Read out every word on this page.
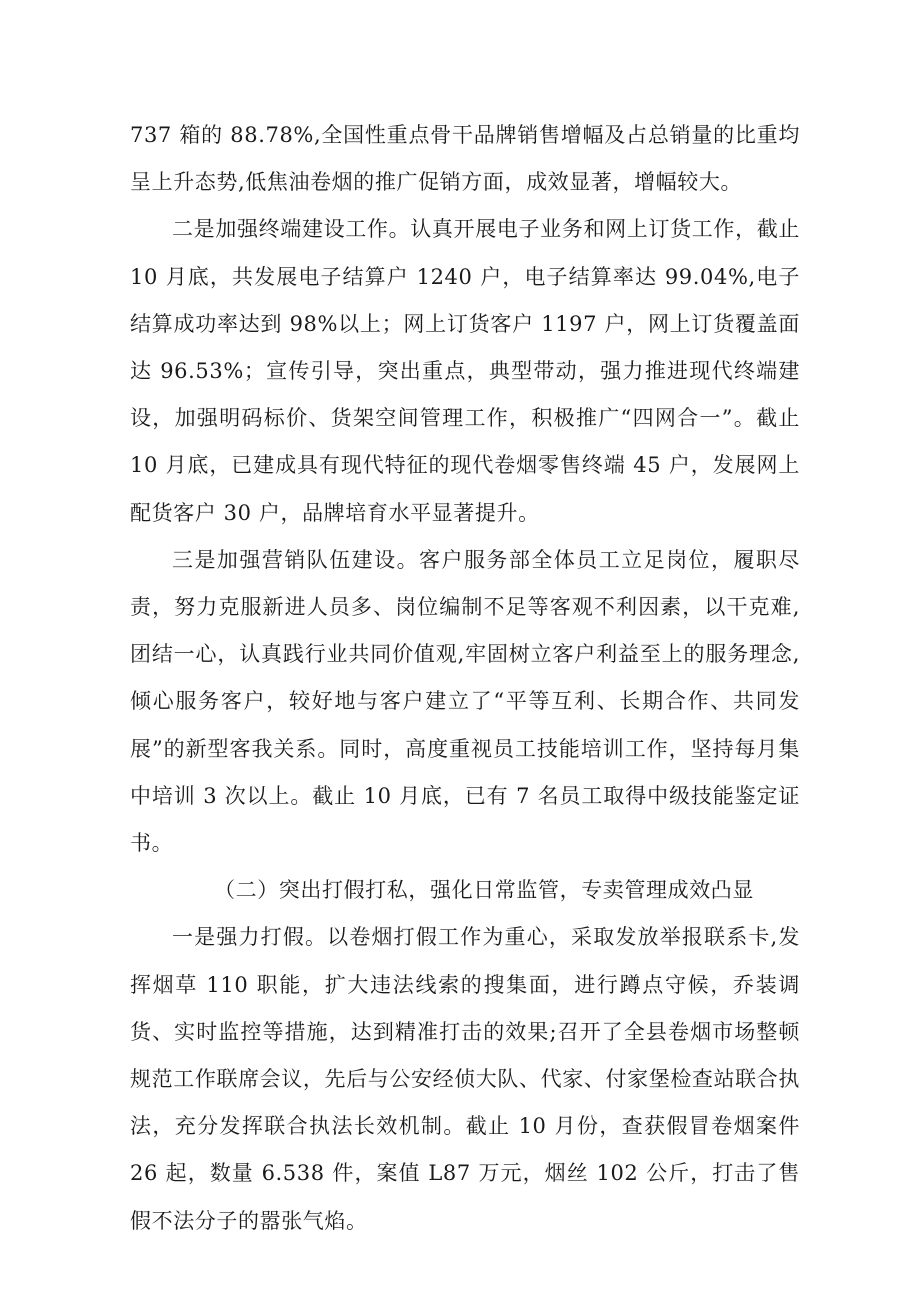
737 箱的 88.78%,全国性重点骨干品牌销售增幅及占总销量的比重均呈上升态势,低焦油卷烟的推广促销方面，成效显著，增幅较大。

二是加强终端建设工作。认真开展电子业务和网上订货工作，截止 10 月底，共发展电子结算户 1240 户，电子结算率达 99.04%,电子结算成功率达到 98%以上；网上订货客户 1197 户，网上订货覆盖面达 96.53%；宣传引导，突出重点，典型带动，强力推进现代终端建设，加强明码标价、货架空间管理工作，积极推广“四网合一”。截止 10 月底，已建成具有现代特征的现代卷烟零售终端 45 户，发展网上配货客户 30 户，品牌培育水平显著提升。

三是加强营销队伍建设。客户服务部全体员工立足岗位，履职尽责，努力克服新进人员多、岗位编制不足等客观不利因素，以干克难,团结一心，认真践行业共同价值观,牢固树立客户利益至上的服务理念,倾心服务客户，较好地与客户建立了“平等互利、长期合作、共同发展”的新型客我关系。同时，高度重视员工技能培训工作，坚持每月集中培训 3 次以上。截止 10 月底，已有 7 名员工取得中级技能鉴定证书。

（二）突出打假打私，强化日常监管，专卖管理成效凸显

一是强力打假。以卷烟打假工作为重心，采取发放举报联系卡,发挥烟草 110 职能，扩大违法线索的搜集面，进行蹲点守候，乔装调货、实时监控等措施，达到精准打击的效果;召开了全县卷烟市场整顿规范工作联席会议，先后与公安经侦大队、代家、付家堡检查站联合执法，充分发挥联合执法长效机制。截止 10 月份，查获假冒卷烟案件 26 起，数量 6.538 件，案值 L87 万元，烟丝 102 公斤，打击了售假不法分子的嚣张气焰。
